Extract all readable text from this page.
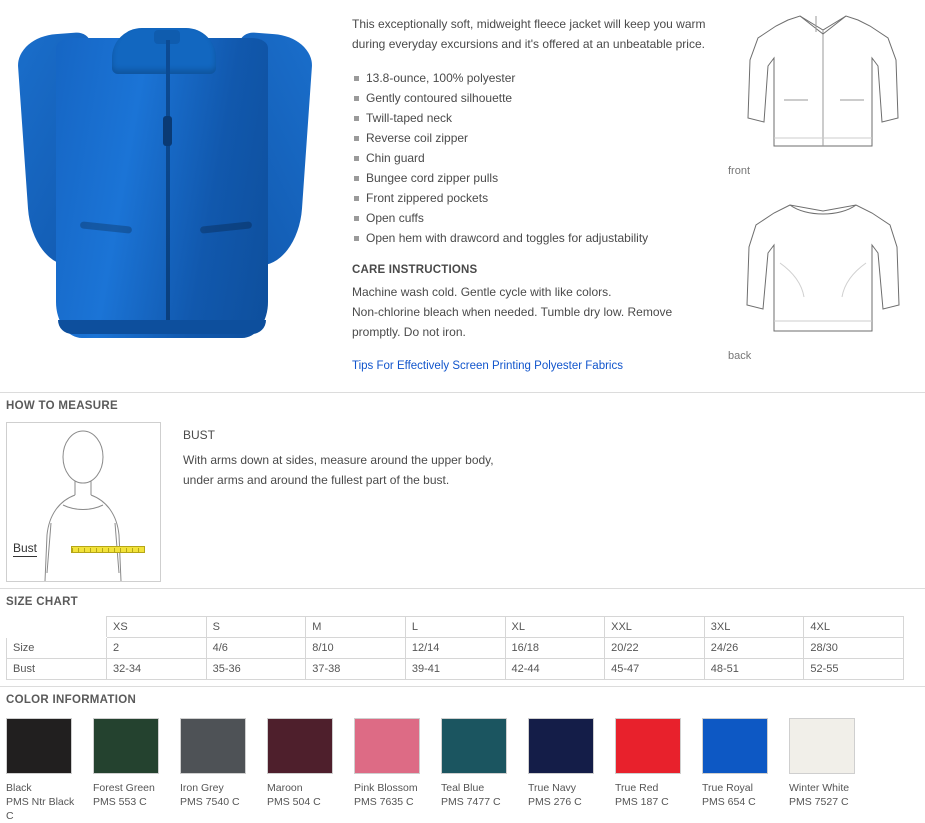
This exceptionally soft, midweight fleece jacket will keep you warm during everyday excursions and it's offered at an unbeatable price.

13.8-ounce, 100% polyester
Gently contoured silhouette
Twill-taped neck
Reverse coil zipper
Chin guard
Bungee cord zipper pulls
Front zippered pockets
Open cuffs
Open hem with drawcord and toggles for adjustability
CARE INSTRUCTIONS

Machine wash cold. Gentle cycle with like colors.

Non-chlorine bleach when needed. Tumble dry low. Remove

promptly. Do not iron.

Tips For Effectively Screen Printing Polyester Fabrics
front
back
HOW TO MEASURE
Bust

BUST

With arms down at sides, measure around the upper body,

under arms and around the fullest part of the bust.

SIZE CHART
	XS	S	M	L	XL	XXL	3XL	4XL
Size	2	4/6	8/10	12/14	16/18	20/22	24/26	28/30
Bust	32-34	35-36	37-38	39-41	42-44	45-47	48-51	52-55
COLOR INFORMATION
Black
PMS Ntr Black C
Forest Green
PMS 553 C
Iron Grey
PMS 7540 C
Maroon
PMS 504 C
Pink Blossom
PMS 7635 C
Teal Blue
PMS 7477 C
True Navy
PMS 276 C
True Red
PMS 187 C
True Royal
PMS 654 C
Winter White
PMS 7527 C
